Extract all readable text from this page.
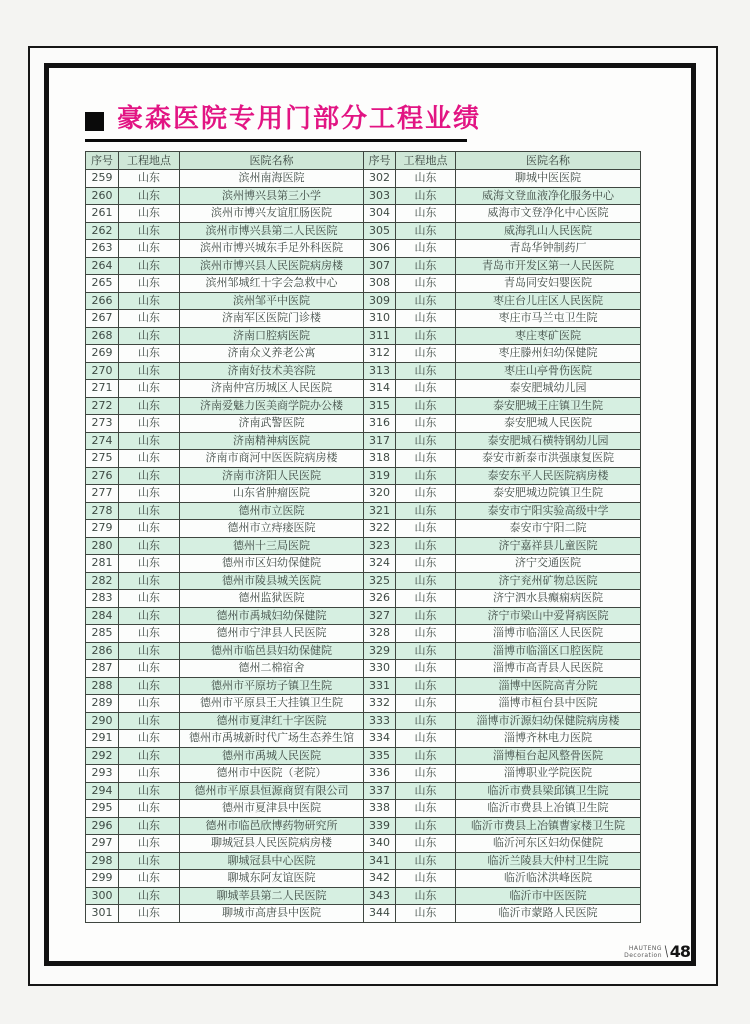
豪森医院专用门部分工程业绩
序号	工程地点	医院名称	序号	工程地点	医院名称
259	山东	滨州南海医院	302	山东	聊城中医医院
260	山东	滨州博兴县第三小学	303	山东	威海文登血液净化服务中心
261	山东	滨州市博兴友谊肛肠医院	304	山东	威海市文登净化中心医院
262	山东	滨州市博兴县第二人民医院	305	山东	威海乳山人民医院
263	山东	滨州市博兴城东手足外科医院	306	山东	青岛华钟制药厂
264	山东	滨州市博兴县人民医院病房楼	307	山东	青岛市开发区第一人民医院
265	山东	滨州邹城红十字会急救中心	308	山东	青岛同安妇婴医院
266	山东	滨州邹平中医院	309	山东	枣庄台儿庄区人民医院
267	山东	济南军区医院门诊楼	310	山东	枣庄市马兰屯卫生院
268	山东	济南口腔病医院	311	山东	枣庄枣矿医院
269	山东	济南众义养老公寓	312	山东	枣庄滕州妇幼保健院
270	山东	济南好技术美容院	313	山东	枣庄山亭骨伤医院
271	山东	济南仲宫历城区人民医院	314	山东	泰安肥城幼儿园
272	山东	济南爱魅力医美商学院办公楼	315	山东	泰安肥城王庄镇卫生院
273	山东	济南武警医院	316	山东	泰安肥城人民医院
274	山东	济南精神病医院	317	山东	泰安肥城石横特钢幼儿园
275	山东	济南市商河中医医院病房楼	318	山东	泰安市新泰市洪强康复医院
276	山东	济南市济阳人民医院	319	山东	泰安东平人民医院病房楼
277	山东	山东省肿瘤医院	320	山东	泰安肥城边院镇卫生院
278	山东	德州市立医院	321	山东	泰安市宁阳实验高级中学
279	山东	德州市立痔瘘医院	322	山东	泰安市宁阳二院
280	山东	德州十三局医院	323	山东	济宁嘉祥县儿童医院
281	山东	德州市区妇幼保健院	324	山东	济宁交通医院
282	山东	德州市陵县城关医院	325	山东	济宁兖州矿物总医院
283	山东	德州监狱医院	326	山东	济宁泗水县癫痫病医院
284	山东	德州市禹城妇幼保健院	327	山东	济宁市梁山中爱肾病医院
285	山东	德州市宁津县人民医院	328	山东	淄博市临淄区人民医院
286	山东	德州市临邑县妇幼保健院	329	山东	淄博市临淄区口腔医院
287	山东	德州二棉宿舍	330	山东	淄博市高青县人民医院
288	山东	德州市平原坊子镇卫生院	331	山东	淄博中医院高青分院
289	山东	德州市平原县王大挂镇卫生院	332	山东	淄博市桓台县中医院
290	山东	德州市夏津红十字医院	333	山东	淄博市沂源妇幼保健院病房楼
291	山东	德州市禹城新时代广场生态养生馆	334	山东	淄博齐林电力医院
292	山东	德州市禹城人民医院	335	山东	淄博桓台起风整骨医院
293	山东	德州市中医院（老院）	336	山东	淄博职业学院医院
294	山东	德州市平原县恒源商贸有限公司	337	山东	临沂市费县梁邱镇卫生院
295	山东	德州市夏津县中医院	338	山东	临沂市费县上冶镇卫生院
296	山东	德州市临邑欣博药物研究所	339	山东	临沂市费县上冶镇曹家楼卫生院
297	山东	聊城冠县人民医院病房楼	340	山东	临沂河东区妇幼保健院
298	山东	聊城冠县中心医院	341	山东	临沂兰陵县大仲村卫生院
299	山东	聊城东阿友谊医院	342	山东	临沂临沭洪峰医院
300	山东	聊城莘县第二人民医院	343	山东	临沂市中医医院
301	山东	聊城市高唐县中医院	344	山东	临沂市蒙路人民医院
HAUTENG
Decoration \ 48
